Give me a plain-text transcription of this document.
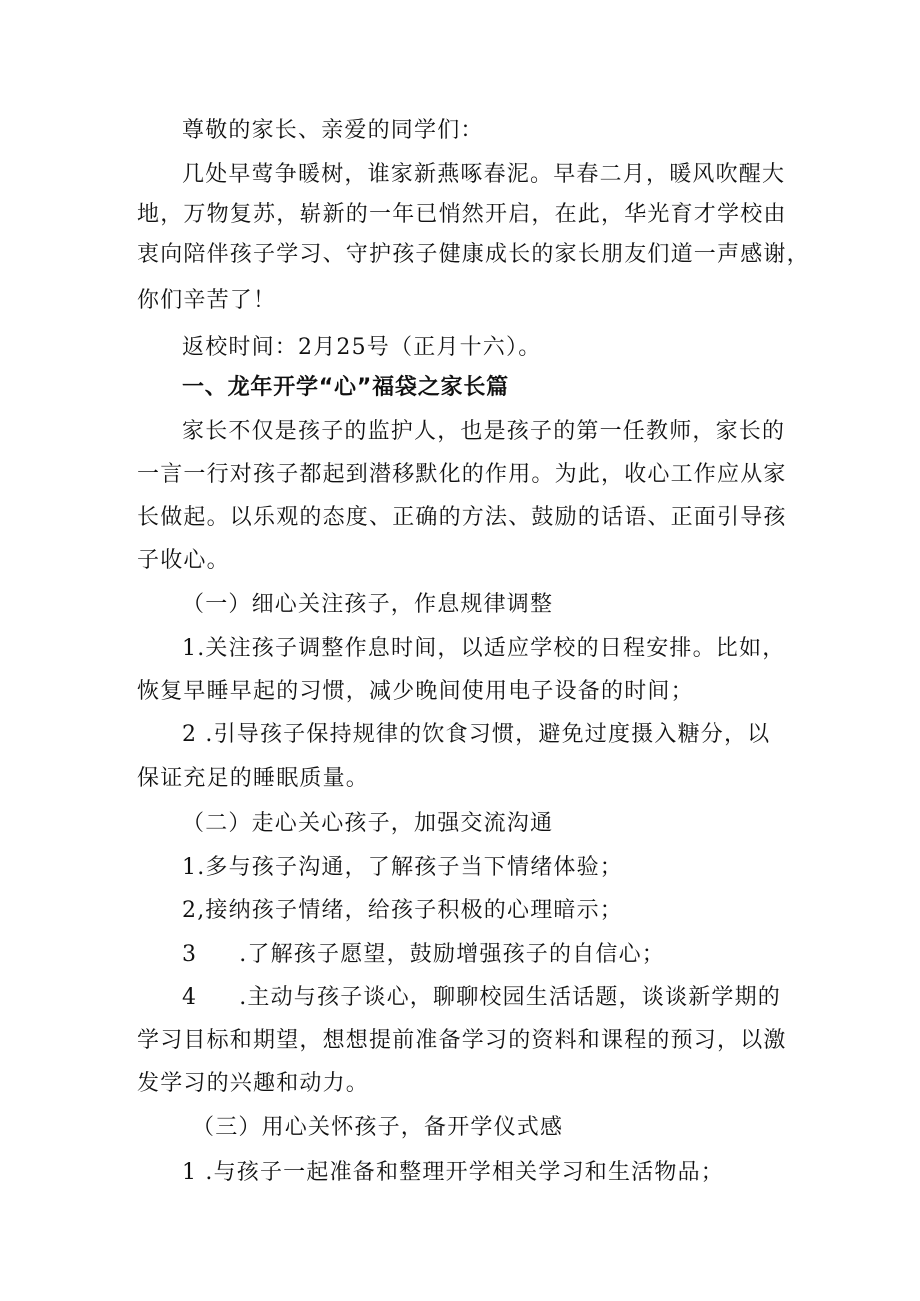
尊敬的家长、亲爱的同学们：
几处早莺争暖树，谁家新燕啄春泥。早春二月，暖风吹醒大
地，万物复苏，崭新的一年已悄然开启，在此，华光育才学校由
衷向陪伴孩子学习、守护孩子健康成长的家长朋友们道一声感谢，
你们辛苦了！
返校时间：2月25号（正月十六）。
一、龙年开学“心”福袋之家长篇
家长不仅是孩子的监护人，也是孩子的第一任教师，家长的
一言一行对孩子都起到潜移默化的作用。为此，收心工作应从家
长做起。以乐观的态度、正确的方法、鼓励的话语、正面引导孩
子收心。
（一）细心关注孩子，作息规律调整
1.关注孩子调整作息时间，以适应学校的日程安排。比如，
恢复早睡早起的习惯，减少晚间使用电子设备的时间；
2 .引导孩子保持规律的饮食习惯，避免过度摄入糖分，以
保证充足的睡眠质量。
（二）走心关心孩子，加强交流沟通
1.多与孩子沟通，了解孩子当下情绪体验；
2,接纳孩子情绪，给孩子积极的心理暗示；
3 .了解孩子愿望，鼓励增强孩子的自信心；
4 .主动与孩子谈心，聊聊校园生活话题，谈谈新学期的
学习目标和期望，想想提前准备学习的资料和课程的预习，以激
发学习的兴趣和动力。
（三）用心关怀孩子，备开学仪式感
1 .与孩子一起准备和整理开学相关学习和生活物品；
